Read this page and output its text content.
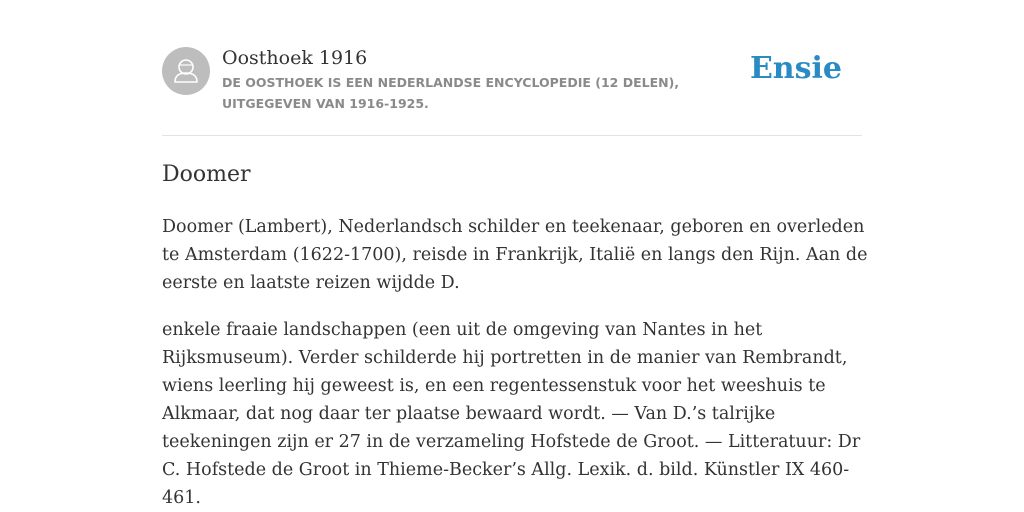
Oosthoek 1916
DE OOSTHOEK IS EEN NEDERLANDSE ENCYCLOPEDIE (12 DELEN), UITGEGEVEN VAN 1916-1925.
Ensie
Doomer

Doomer (Lambert), Nederlandsch schilder en teekenaar, geboren en overleden te Amsterdam (1622-1700), reisde in Frankrijk, Italië en langs den Rijn. Aan de eerste en laatste reizen wijdde D.

enkele fraaie landschappen (een uit de omgeving van Nantes in het Rijksmuseum). Verder schilderde hij portretten in de manier van Rembrandt, wiens leerling hij geweest is, en een regentessenstuk voor het weeshuis te Alkmaar, dat nog daar ter plaatse bewaard wordt. — Van D.’s talrijke teekeningen zijn er 27 in de verzameling Hofstede de Groot. — Litteratuur: Dr C. Hofstede de Groot in Thieme-Becker’s Allg. Lexik. d. bild. Künstler IX 460-461.
